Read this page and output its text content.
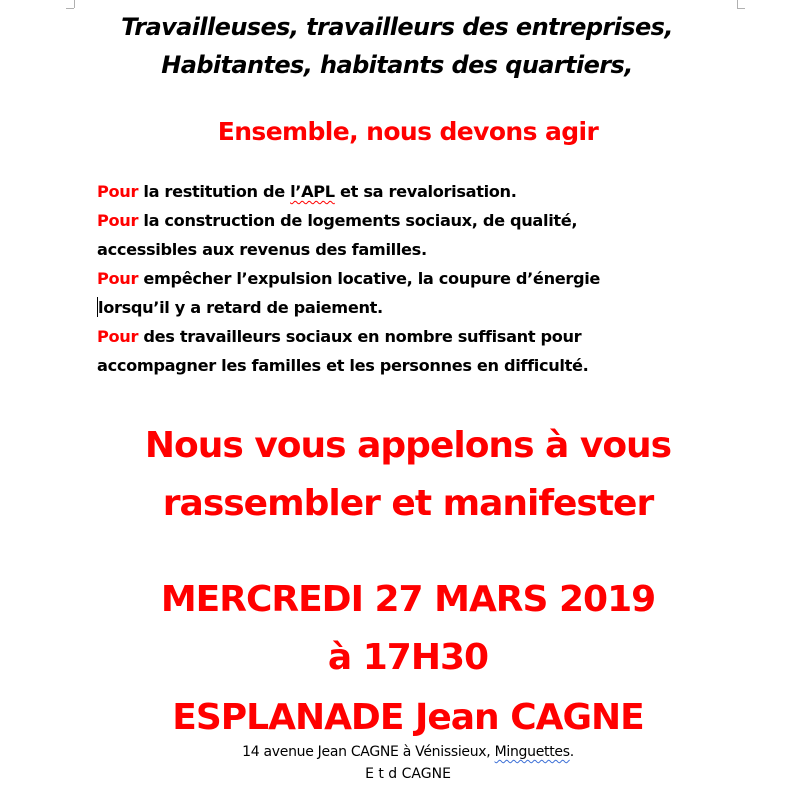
Travailleuses, travailleurs des entreprises,
Habitantes, habitants des quartiers,
Ensemble, nous devons agir
Pour la restitution de l’APL et sa revalorisation.
Pour la construction de logements sociaux, de qualité,
accessibles aux revenus des familles.
Pour empêcher l’expulsion locative, la coupure d’énergie
lorsqu’il y a retard de paiement.
Pour des travailleurs sociaux en nombre suffisant pour
accompagner les familles et les personnes en difficulté.
Nous vous appelons à vous
rassembler et manifester
MERCREDI 27 MARS 2019
à 17H30
ESPLANADE Jean CAGNE
14 avenue Jean CAGNE à Vénissieux, Minguettes.
E t d CAGNE
